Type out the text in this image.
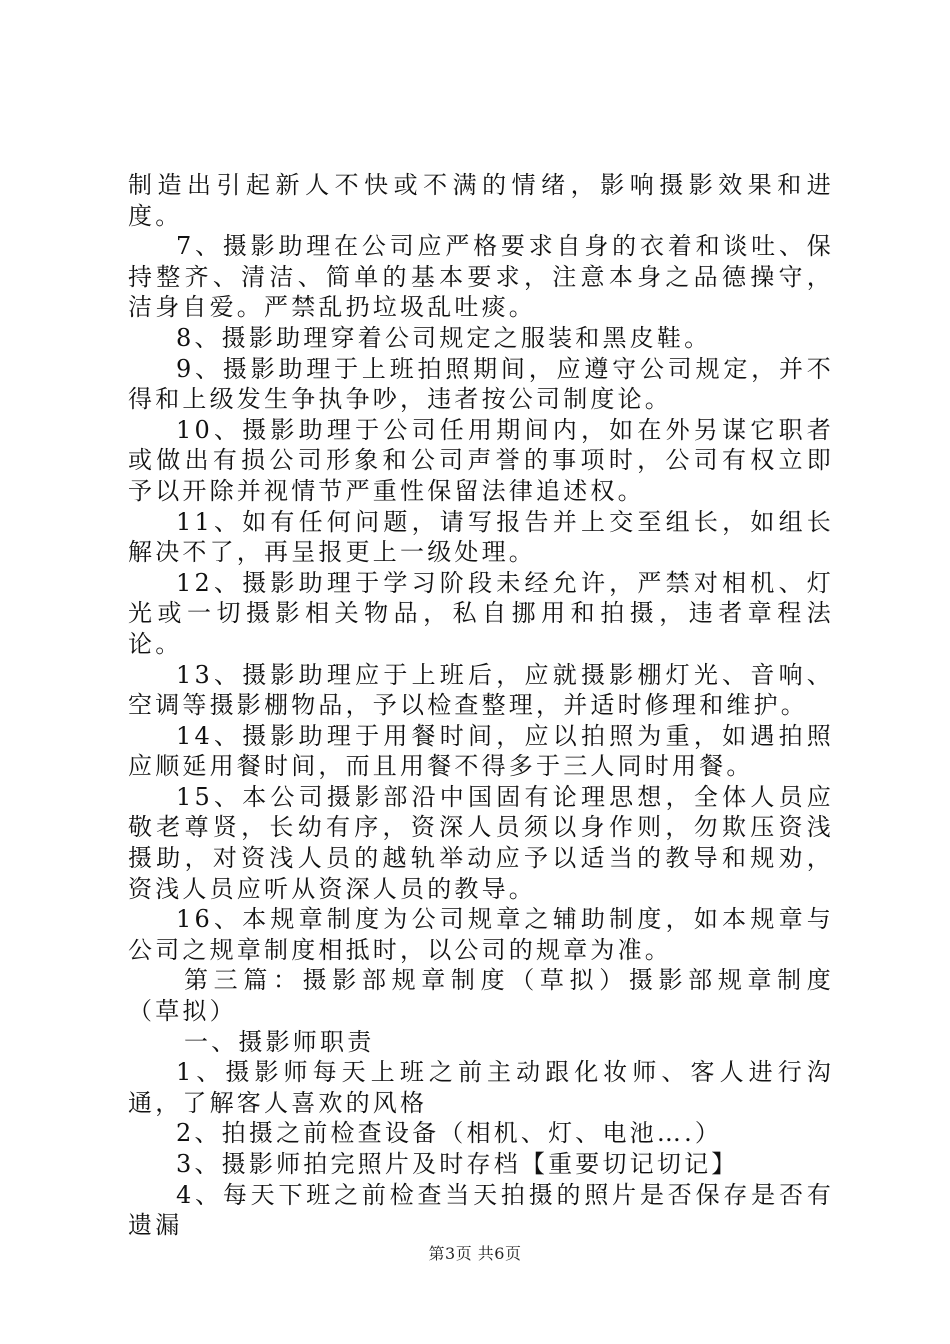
制造出引起新人不快或不满的情绪，影响摄影效果和进度。

7、摄影助理在公司应严格要求自身的衣着和谈吐、保持整齐、清洁、简单的基本要求，注意本身之品德操守，洁身自爱。严禁乱扔垃圾乱吐痰。

8、摄影助理穿着公司规定之服装和黑皮鞋。

9、摄影助理于上班拍照期间，应遵守公司规定，并不得和上级发生争执争吵，违者按公司制度论。

10、摄影助理于公司任用期间内，如在外另谋它职者或做出有损公司形象和公司声誉的事项时，公司有权立即予以开除并视情节严重性保留法律追述权。

11、如有任何问题，请写报告并上交至组长，如组长解决不了，再呈报更上一级处理。

12、摄影助理于学习阶段未经允许，严禁对相机、灯光或一切摄影相关物品，私自挪用和拍摄，违者章程法论。

13、摄影助理应于上班后，应就摄影棚灯光、音响、空调等摄影棚物品，予以检查整理，并适时修理和维护。

14、摄影助理于用餐时间，应以拍照为重，如遇拍照应顺延用餐时间，而且用餐不得多于三人同时用餐。

15、本公司摄影部沿中国固有论理思想，全体人员应敬老尊贤，长幼有序，资深人员须以身作则，勿欺压资浅摄助，对资浅人员的越轨举动应予以适当的教导和规劝，资浅人员应听从资深人员的教导。

16、本规章制度为公司规章之辅助制度，如本规章与公司之规章制度相抵时，以公司的规章为准。

第三篇：摄影部规章制度（草拟）摄影部规章制度（草拟）

一、摄影师职责

1、摄影师每天上班之前主动跟化妆师、客人进行沟通，了解客人喜欢的风格

2、拍摄之前检查设备（相机、灯、电池….）

3、摄影师拍完照片及时存档【重要切记切记】

4、每天下班之前检查当天拍摄的照片是否保存是否有遗漏

第3页 共6页
